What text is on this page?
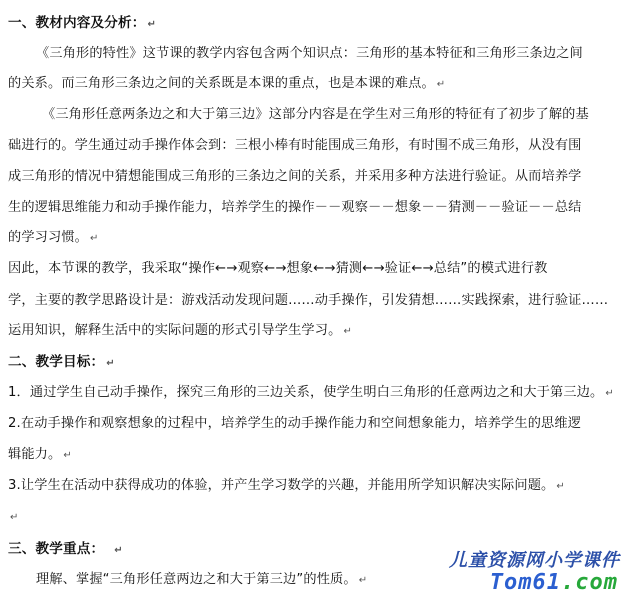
一、教材内容及分析： ↵
《三角形的特性》这节课的教学内容包含两个知识点：三角形的基本特征和三角形三条边之间
的关系。而三角形三条边之间的关系既是本课的重点，也是本课的难点。 ↵
《三角形任意两条边之和大于第三边》这部分内容是在学生对三角形的特征有了初步了解的基
础进行的。学生通过动手操作体会到：三根小棒有时能围成三角形，有时围不成三角形，从没有围
成三角形的情况中猜想能围成三角形的三条边之间的关系，并采用多种方法进行验证。从而培养学
生的逻辑思维能力和动手操作能力，培养学生的操作－－观察－－想象－－猜测－－验证－－总结
的学习习惯。 ↵
因此，本节课的教学，我采取“操作←→观察←→想象←→猜测←→验证←→总结”的模式进行教
学，主要的教学思路设计是：游戏活动发现问题……动手操作，引发猜想……实践探索，进行验证……
运用知识，解释生活中的实际问题的形式引导学生学习。 ↵
二、教学目标： ↵
1．通过学生自己动手操作，探究三角形的三边关系，使学生明白三角形的任意两边之和大于第三边。 ↵
2.在动手操作和观察想象的过程中，培养学生的动手操作能力和空间想象能力，培养学生的思维逻
辑能力。 ↵
3.让学生在活动中获得成功的体验，并产生学习数学的兴趣，并能用所学知识解决实际问题。 ↵
↵
三、教学重点： ↵
理解、掌握“三角形任意两边之和大于第三边”的性质。 ↵
儿童资源网小学课件
Tom61.com
